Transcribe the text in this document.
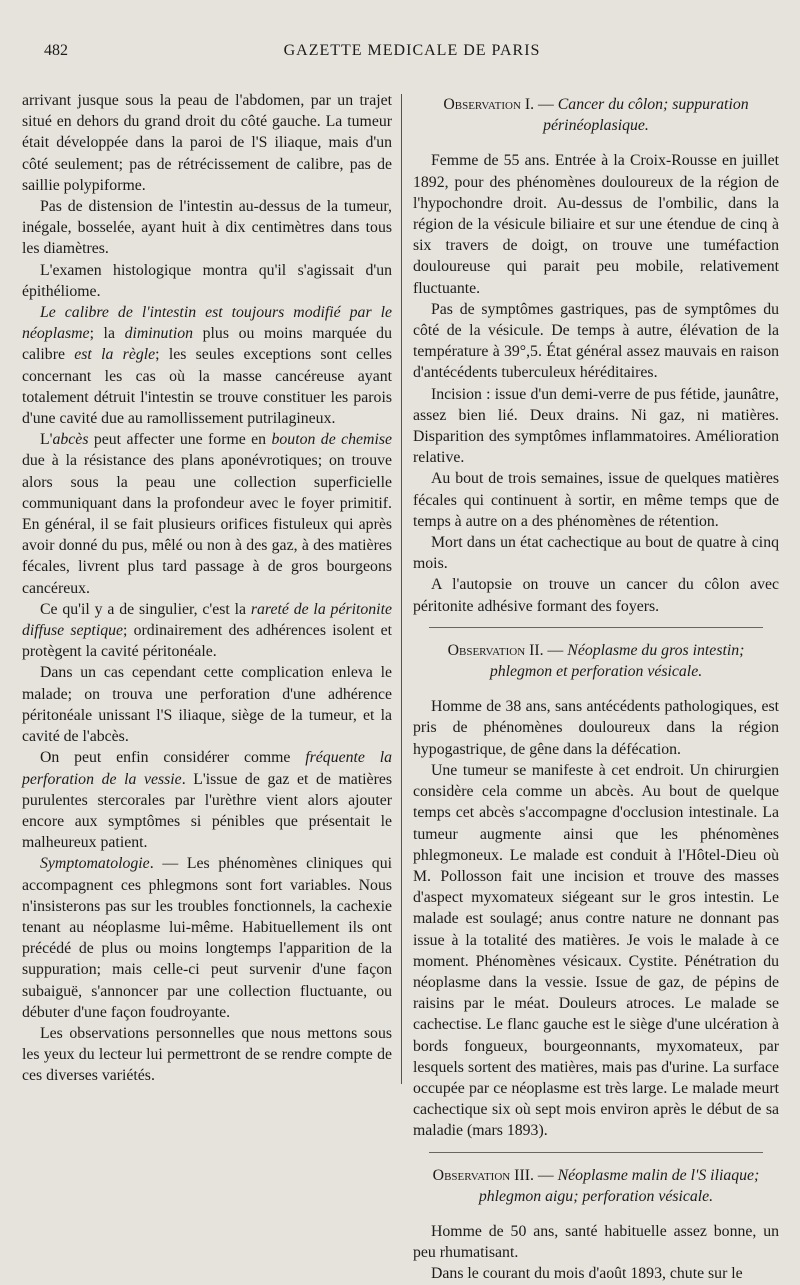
482	GAZETTE MEDICALE DE PARIS

arrivant jusque sous la peau de l'abdomen, par un trajet situé en dehors du grand droit du côté gauche. La tumeur était développée dans la paroi de l'S iliaque, mais d'un côté seulement; pas de rétrécissement de calibre, pas de saillie polypiforme.

Pas de distension de l'intestin au-dessus de la tumeur, inégale, bosselée, ayant huit à dix centimètres dans tous les diamètres.

L'examen histologique montra qu'il s'agissait d'un épithéliome.

Le calibre de l'intestin est toujours modifié par le néoplasme; la diminution plus ou moins marquée du calibre est la règle; les seules exceptions sont celles concernant les cas où la masse cancéreuse ayant totalement détruit l'intestin se trouve constituer les parois d'une cavité due au ramollissement putrilagineux.

L'abcès peut affecter une forme en bouton de chemise due à la résistance des plans aponévrotiques; on trouve alors sous la peau une collection superficielle communiquant dans la profondeur avec le foyer primitif. En général, il se fait plusieurs orifices fistuleux qui après avoir donné du pus, mêlé ou non à des gaz, à des matières fécales, livrent plus tard passage à de gros bourgeons cancéreux.

Ce qu'il y a de singulier, c'est la rareté de la péritonite diffuse septique; ordinairement des adhérences isolent et protègent la cavité péritonéale.

Dans un cas cependant cette complication enleva le malade; on trouva une perforation d'une adhérence péritonéale unissant l'S iliaque, siège de la tumeur, et la cavité de l'abcès.

On peut enfin considérer comme fréquente la perforation de la vessie. L'issue de gaz et de matières purulentes stercorales par l'urèthre vient alors ajouter encore aux symptômes si pénibles que présentait le malheureux patient.

Symptomatologie. — Les phénomènes cliniques qui accompagnent ces phlegmons sont fort variables. Nous n'insisterons pas sur les troubles fonctionnels, la cachexie tenant au néoplasme lui-même. Habituellement ils ont précédé de plus ou moins longtemps l'apparition de la suppuration; mais celle-ci peut survenir d'une façon subaiguë, s'annoncer par une collection fluctuante, ou débuter d'une façon foudroyante.

Les observations personnelles que nous mettons sous les yeux du lecteur lui permettront de se rendre compte de ces diverses variétés.

Observation I. — Cancer du côlon; suppuration périnéoplasique.

Femme de 55 ans. Entrée à la Croix-Rousse en juillet 1892, pour des phénomènes douloureux de la région de l'hypochondre droit. Au-dessus de l'ombilic, dans la région de la vésicule biliaire et sur une étendue de cinq à six travers de doigt, on trouve une tuméfaction douloureuse qui parait peu mobile, relativement fluctuante.

Pas de symptômes gastriques, pas de symptômes du côté de la vésicule. De temps à autre, élévation de la température à 39°,5. État général assez mauvais en raison d'antécédents tuberculeux héréditaires.

Incision : issue d'un demi-verre de pus fétide, jaunâtre, assez bien lié. Deux drains. Ni gaz, ni matières. Disparition des symptômes inflammatoires. Amélioration relative.

Au bout de trois semaines, issue de quelques matières fécales qui continuent à sortir, en même temps que de temps à autre on a des phénomènes de rétention.

Mort dans un état cachectique au bout de quatre à cinq mois.

A l'autopsie on trouve un cancer du côlon avec péritonite adhésive formant des foyers.

Observation II. — Néoplasme du gros intestin; phlegmon et perforation vésicale.

Homme de 38 ans, sans antécédents pathologiques, est pris de phénomènes douloureux dans la région hypogastrique, de gêne dans la défécation.

Une tumeur se manifeste à cet endroit. Un chirurgien considère cela comme un abcès. Au bout de quelque temps cet abcès s'accompagne d'occlusion intestinale. La tumeur augmente ainsi que les phénomènes phlegmoneux. Le malade est conduit à l'Hôtel-Dieu où M. Pollosson fait une incision et trouve des masses d'aspect myxomateux siégeant sur le gros intestin. Le malade est soulagé; anus contre nature ne donnant pas issue à la totalité des matières. Je vois le malade à ce moment. Phénomènes vésicaux. Cystite. Pénétration du néoplasme dans la vessie. Issue de gaz, de pépins de raisins par le méat. Douleurs atroces. Le malade se cachectise. Le flanc gauche est le siège d'une ulcération à bords fongueux, bourgeonnants, myxomateux, par lesquels sortent des matières, mais pas d'urine. La surface occupée par ce néoplasme est très large. Le malade meurt cachectique six où sept mois environ après le début de sa maladie (mars 1893).

Observation III. — Néoplasme malin de l'S iliaque; phlegmon aigu; perforation vésicale.

Homme de 50 ans, santé habituelle assez bonne, un peu rhumatisant.

Dans le courant du mois d'août 1893, chute sur le
